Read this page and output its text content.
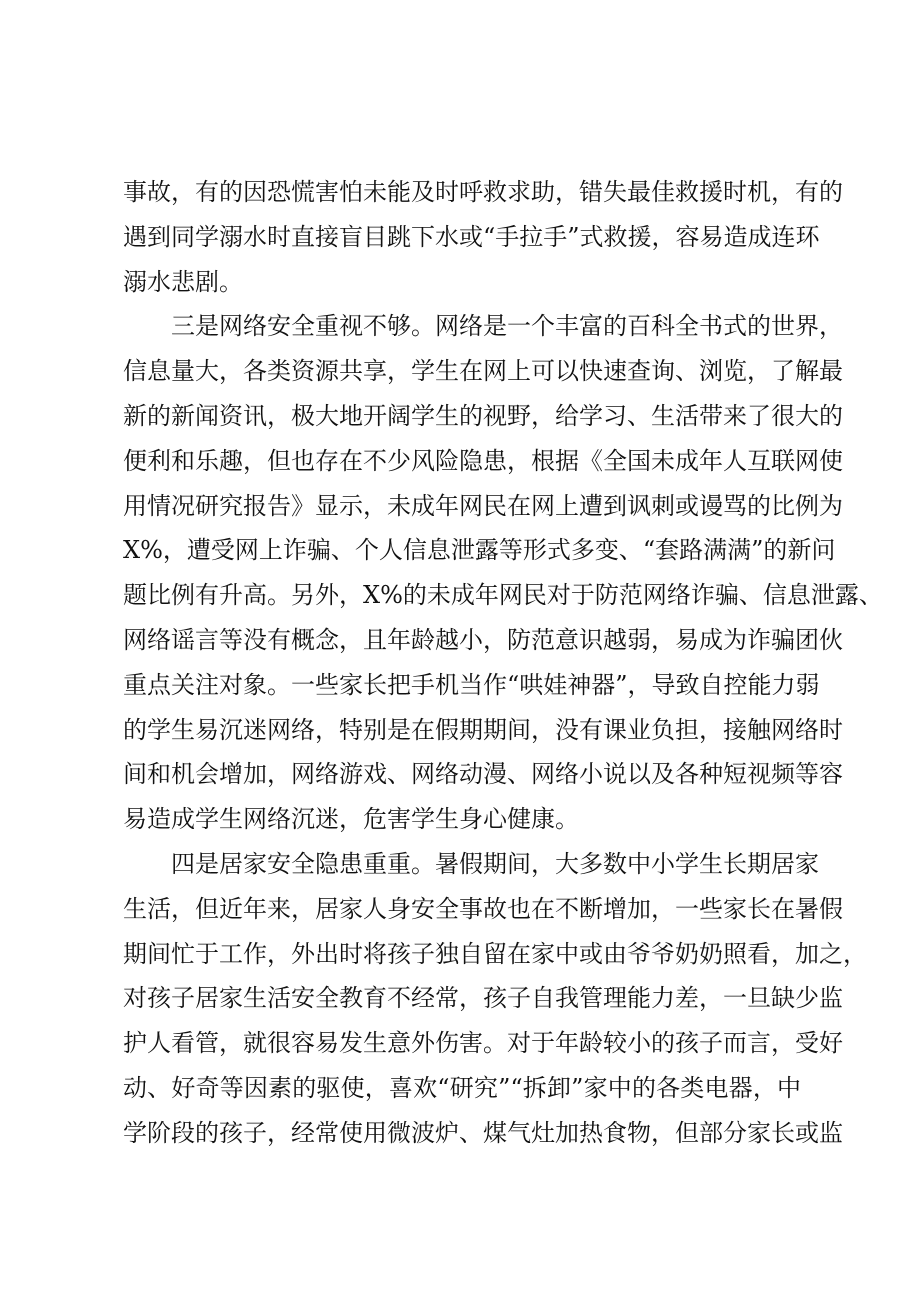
事故，有的因恐慌害怕未能及时呼救求助，错失最佳救援时机，有的
遇到同学溺水时直接盲目跳下水或“手拉手”式救援，容易造成连环
溺水悲剧。
三是网络安全重视不够。网络是一个丰富的百科全书式的世界，
信息量大，各类资源共享，学生在网上可以快速查询、浏览，了解最
新的新闻资讯，极大地开阔学生的视野，给学习、生活带来了很大的
便利和乐趣，但也存在不少风险隐患，根据《全国未成年人互联网使
用情况研究报告》显示，未成年网民在网上遭到讽刺或谩骂的比例为
X%，遭受网上诈骗、个人信息泄露等形式多变、“套路满满”的新问
题比例有升高。另外，X%的未成年网民对于防范网络诈骗、信息泄露、
网络谣言等没有概念，且年龄越小，防范意识越弱，易成为诈骗团伙
重点关注对象。一些家长把手机当作“哄娃神器”，导致自控能力弱
的学生易沉迷网络，特别是在假期期间，没有课业负担，接触网络时
间和机会增加，网络游戏、网络动漫、网络小说以及各种短视频等容
易造成学生网络沉迷，危害学生身心健康。
四是居家安全隐患重重。暑假期间，大多数中小学生长期居家
生活，但近年来，居家人身安全事故也在不断增加，一些家长在暑假
期间忙于工作，外出时将孩子独自留在家中或由爷爷奶奶照看，加之，
对孩子居家生活安全教育不经常，孩子自我管理能力差，一旦缺少监
护人看管，就很容易发生意外伤害。对于年龄较小的孩子而言，受好
动、好奇等因素的驱使，喜欢“研究”“拆卸”家中的各类电器，中
学阶段的孩子，经常使用微波炉、煤气灶加热食物，但部分家长或监
